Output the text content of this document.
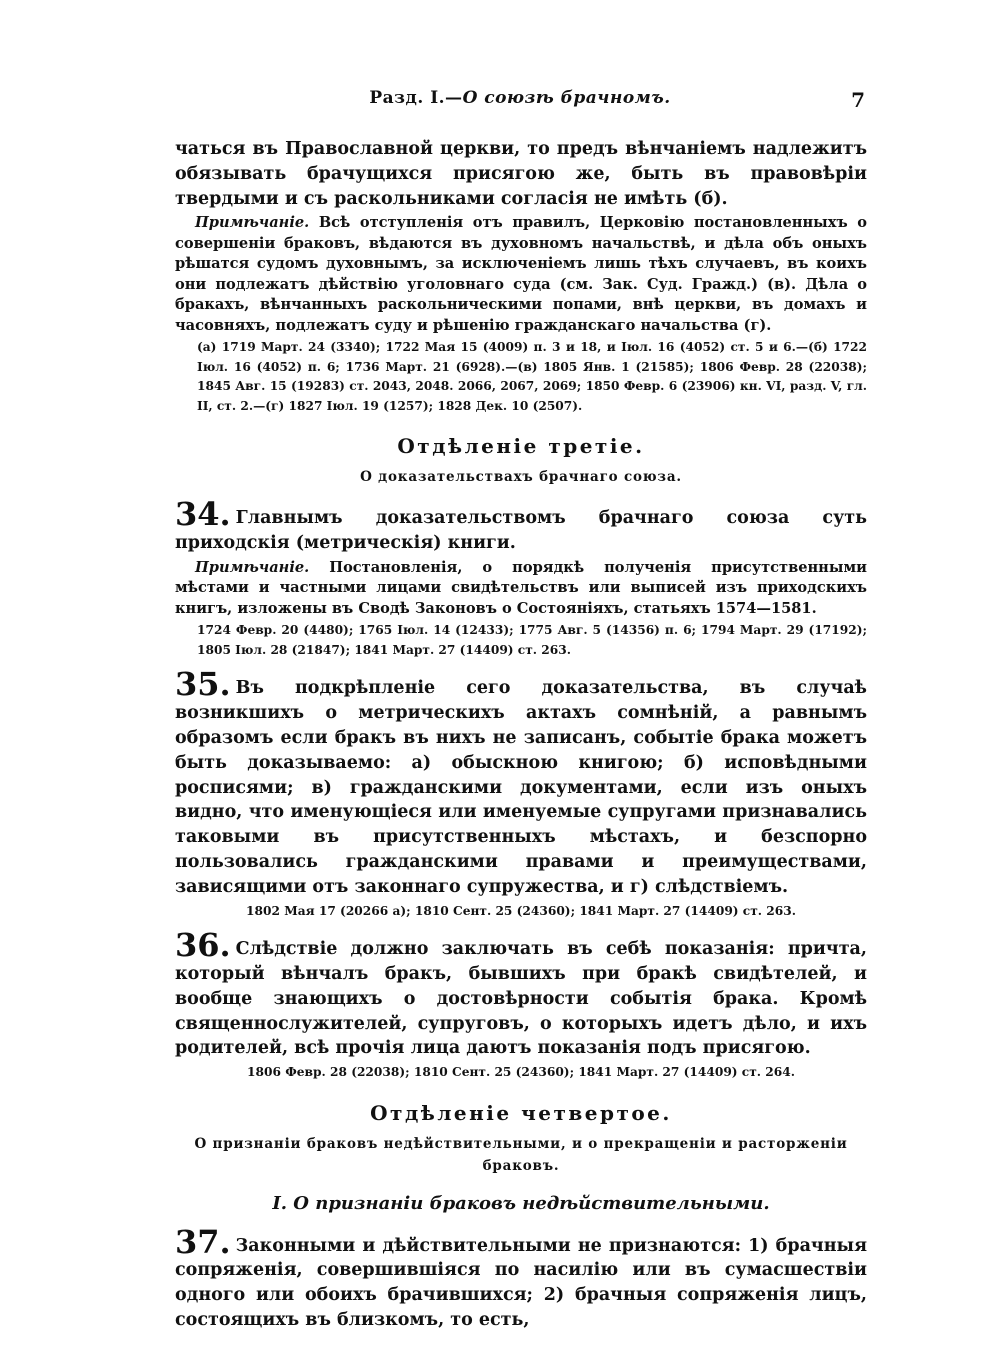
Разд. I.—О союзѣ брачномъ.	7

чаться въ Православной церкви, то предъ вѣнчаніемъ надлежитъ обязывать брачущихся присягою же, быть въ правовѣріи твердыми и съ раскольниками согласія не имѣть (б).

Примѣчаніе. Всѣ отступленія отъ правилъ, Церковію постановленныхъ о совершеніи браковъ, вѣдаются въ духовномъ начальствѣ, и дѣла объ оныхъ рѣшатся судомъ духовнымъ, за исключеніемъ лишь тѣхъ случаевъ, въ коихъ они подлежатъ дѣйствію уголовнаго суда (см. Зак. Суд. Гражд.) (в). Дѣла о бракахъ, вѣнчанныхъ раскольническими попами, внѣ церкви, въ домахъ и часовняхъ, подлежатъ суду и рѣшенію гражданскаго начальства (г).

(а) 1719 Март. 24 (3340); 1722 Мая 15 (4009) п. 3 и 18, и Іюл. 16 (4052) ст. 5 и 6.—(б) 1722 Іюл. 16 (4052) п. 6; 1736 Март. 21 (6928).—(в) 1805 Янв. 1 (21585); 1806 Февр. 28 (22038); 1845 Авг. 15 (19283) ст. 2043, 2048. 2066, 2067, 2069; 1850 Февр. 6 (23906) кн. VI, разд. V, гл. II, ст. 2.—(г) 1827 Іюл. 19 (1257); 1828 Дек. 10 (2507).

Отдѣленіе третіе.
О доказательствахъ брачнаго союза.

34. Главнымъ доказательствомъ брачнаго союза суть приходскія (метрическія) книги.

Примѣчаніе. Постановленія, о порядкѣ полученія присутственными мѣстами и частными лицами свидѣтельствъ или выписей изъ приходскихъ книгъ, изложены въ Сводѣ Законовъ о Состояніяхъ, статьяхъ 1574—1581.

1724 Февр. 20 (4480); 1765 Іюл. 14 (12433); 1775 Авг. 5 (14356) п. 6; 1794 Март. 29 (17192); 1805 Іюл. 28 (21847); 1841 Март. 27 (14409) ст. 263.

35. Въ подкрѣпленіе сего доказательства, въ случаѣ возникшихъ о метрическихъ актахъ сомнѣній, а равнымъ образомъ если бракъ въ нихъ не записанъ, событіе брака можетъ быть доказываемо: а) обыскною книгою; б) исповѣдными росписями; в) гражданскими документами, если изъ оныхъ видно, что именующіеся или именуемые супругами признавались таковыми въ присутственныхъ мѣстахъ, и безспорно пользовались гражданскими правами и преимуществами, зависящими отъ законнаго супружества, и г) слѣдствіемъ.

1802 Мая 17 (20266 а); 1810 Сент. 25 (24360); 1841 Март. 27 (14409) ст. 263.

36. Слѣдствіе должно заключать въ себѣ показанія: причта, который вѣнчалъ бракъ, бывшихъ при бракѣ свидѣтелей, и вообще знающихъ о достовѣрности событія брака. Кромѣ священнослужителей, супруговъ, о которыхъ идетъ дѣло, и ихъ родителей, всѣ прочія лица даютъ показанія подъ присягою.

1806 Февр. 28 (22038); 1810 Сент. 25 (24360); 1841 Март. 27 (14409) ст. 264.

Отдѣленіе четвертое.
О признаніи браковъ недѣйствительными, и о прекращеніи и расторженіи браковъ.
I. О признаніи браковъ недѣйствительными.

37. Законными и дѣйствительными не признаются: 1) брачныя сопряженія, совершившіяся по насилію или въ сумасшествіи одного или обоихъ брачившихся; 2) брачныя сопряженія лицъ, состоящихъ въ близкомъ, то есть,
